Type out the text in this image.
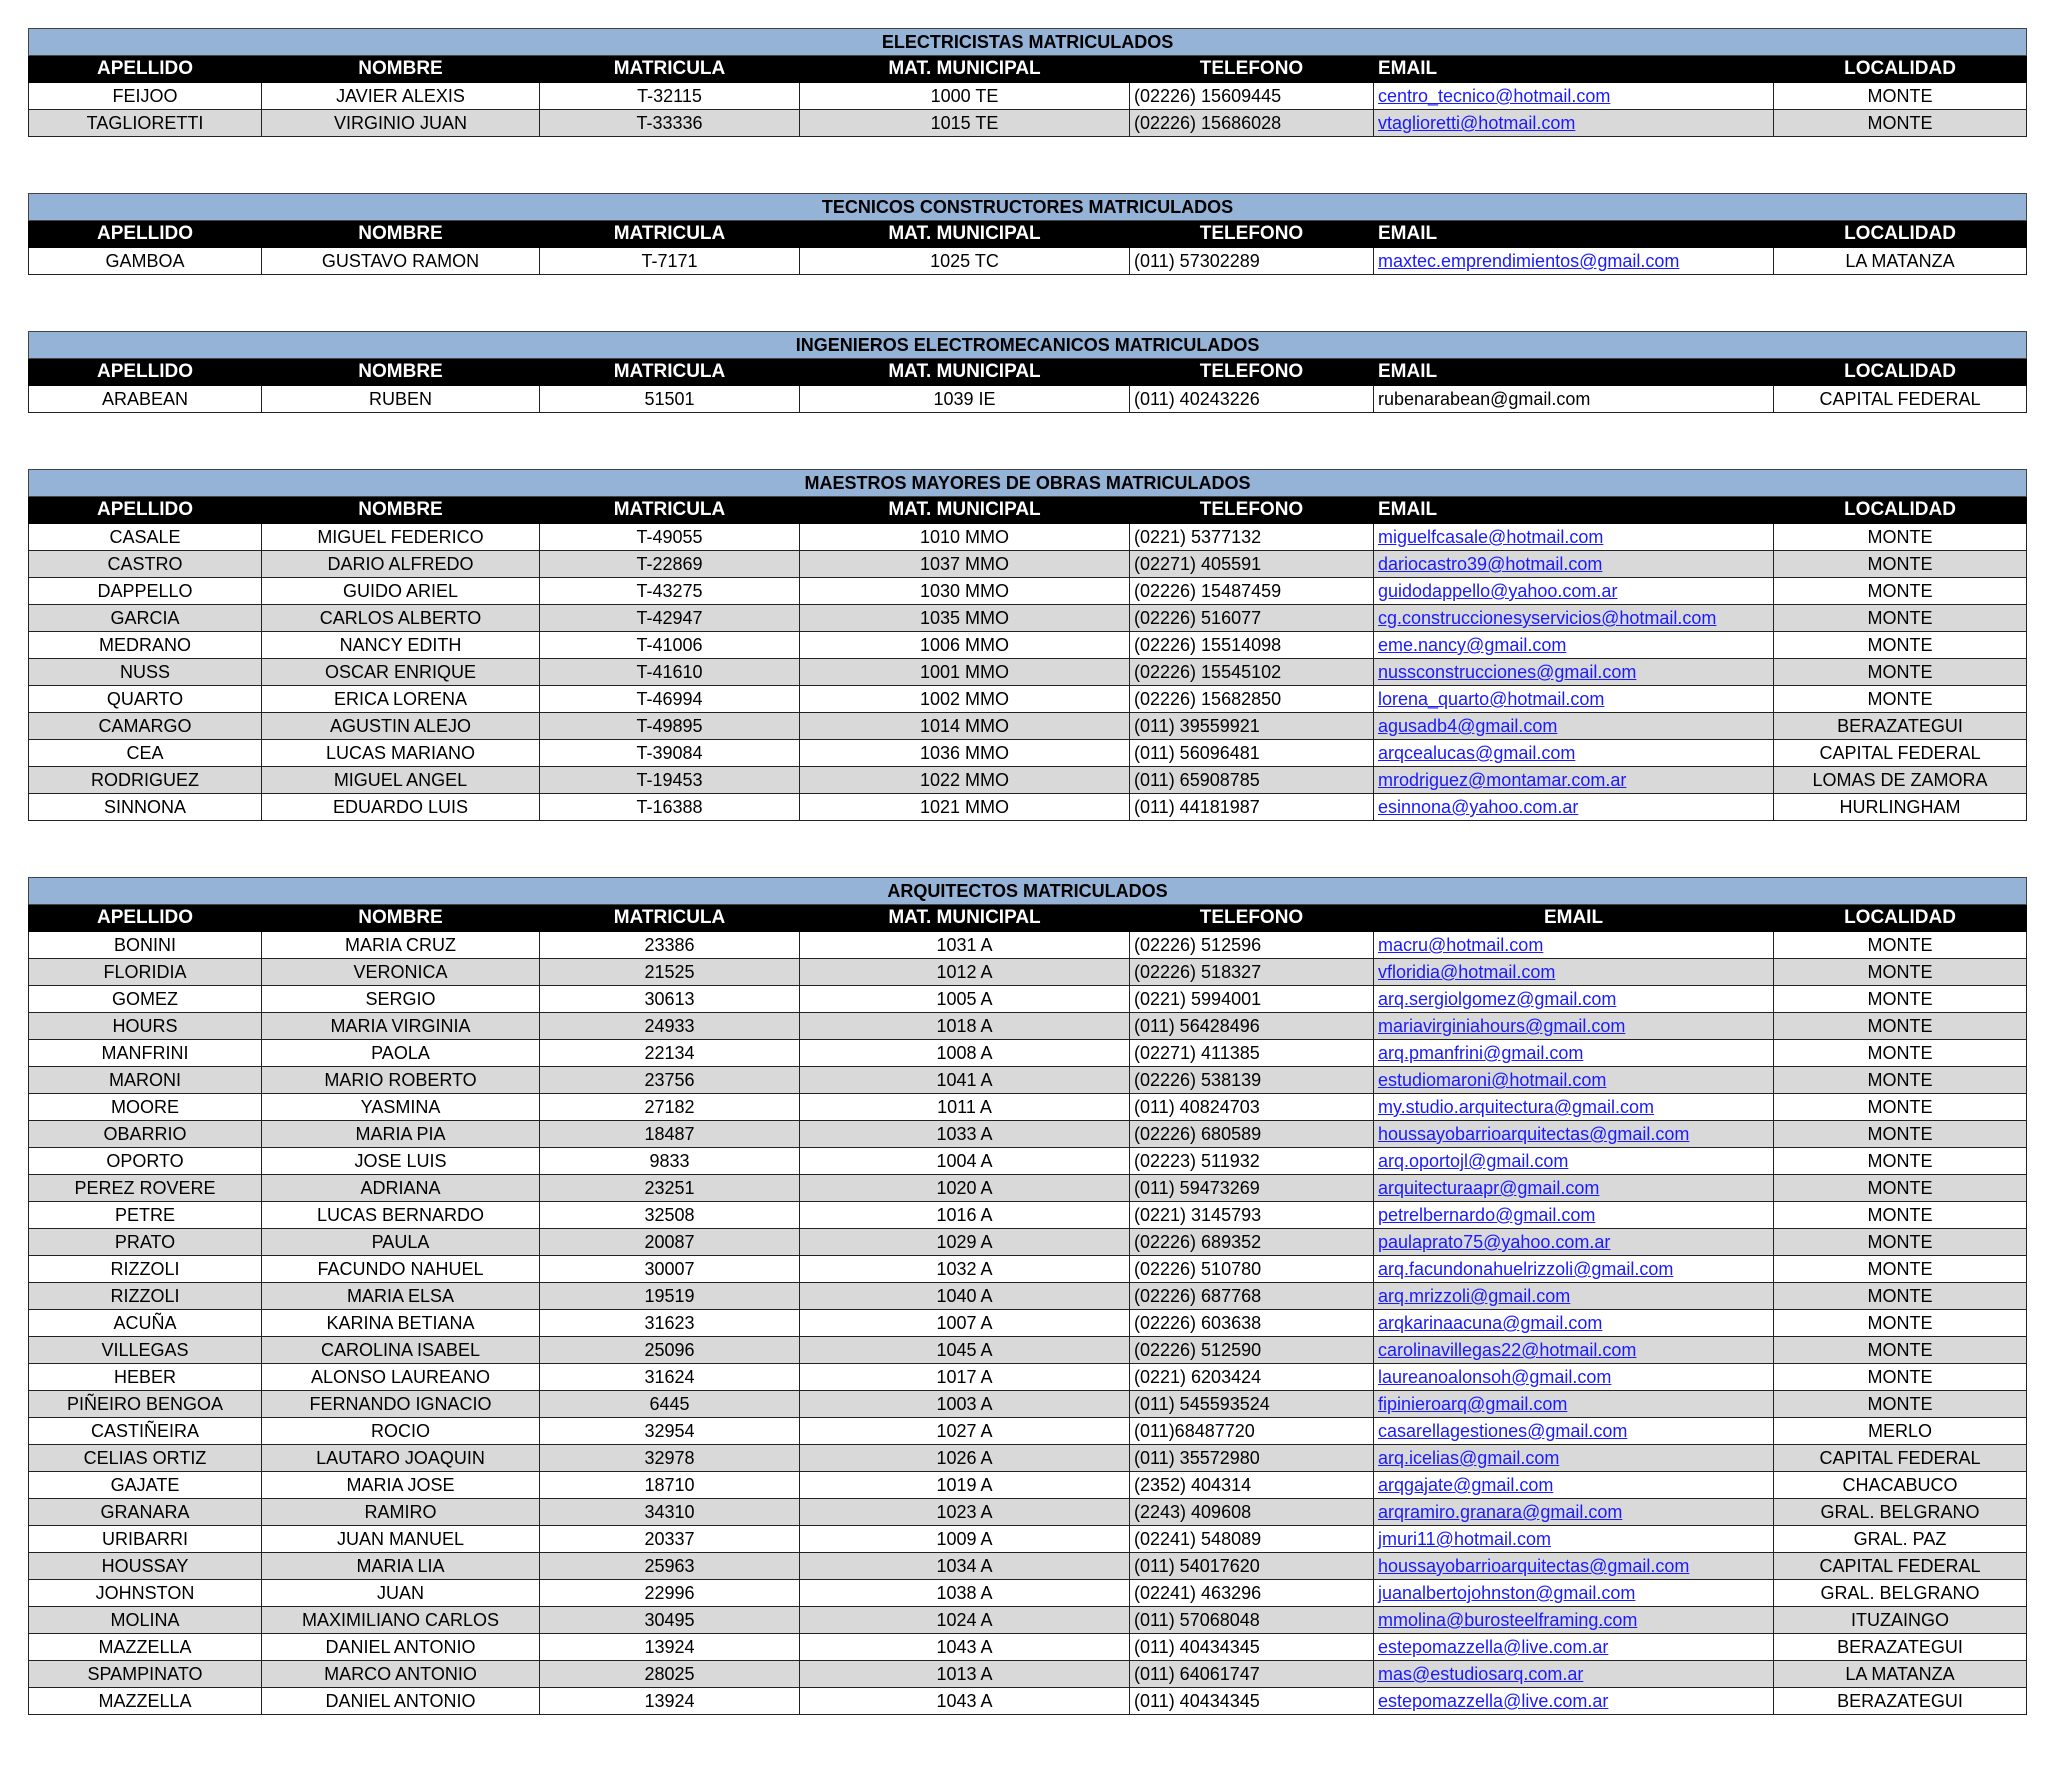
ELECTRICISTAS MATRICULADOS						
APELLIDO	NOMBRE	MATRICULA	MAT. MUNICIPAL	TELEFONO	EMAIL	LOCALIDAD
FEIJOO	JAVIER ALEXIS	T-32115	1000 TE	(02226) 15609445	centro_tecnico@hotmail.com	MONTE
TAGLIORETTI	VIRGINIO JUAN	T-33336	1015 TE	(02226) 15686028	vtaglioretti@hotmail.com	MONTE
TECNICOS CONSTRUCTORES MATRICULADOS						
APELLIDO	NOMBRE	MATRICULA	MAT. MUNICIPAL	TELEFONO	EMAIL	LOCALIDAD
GAMBOA	GUSTAVO RAMON	T-7171	1025 TC	(011) 57302289	maxtec.emprendimientos@gmail.com	LA MATANZA
INGENIEROS ELECTROMECANICOS MATRICULADOS						
APELLIDO	NOMBRE	MATRICULA	MAT. MUNICIPAL	TELEFONO	EMAIL	LOCALIDAD
ARABEAN	RUBEN	51501	1039 IE	(011) 40243226	rubenarabean@gmail.com	CAPITAL FEDERAL
MAESTROS MAYORES DE OBRAS MATRICULADOS						
APELLIDO	NOMBRE	MATRICULA	MAT. MUNICIPAL	TELEFONO	EMAIL	LOCALIDAD
CASALE	MIGUEL FEDERICO	T-49055	1010 MMO	(0221) 5377132	miguelfcasale@hotmail.com	MONTE
CASTRO	DARIO ALFREDO	T-22869	1037 MMO	(02271) 405591	dariocastro39@hotmail.com	MONTE
DAPPELLO	GUIDO ARIEL	T-43275	1030 MMO	(02226) 15487459	guidodappello@yahoo.com.ar	MONTE
GARCIA	CARLOS ALBERTO	T-42947	1035 MMO	(02226) 516077	cg.construccionesyservicios@hotmail.com	MONTE
MEDRANO	NANCY EDITH	T-41006	1006 MMO	(02226) 15514098	eme.nancy@gmail.com	MONTE
NUSS	OSCAR ENRIQUE	T-41610	1001 MMO	(02226) 15545102	nussconstrucciones@gmail.com	MONTE
QUARTO	ERICA LORENA	T-46994	1002 MMO	(02226) 15682850	lorena_quarto@hotmail.com	MONTE
CAMARGO	AGUSTIN ALEJO	T-49895	1014 MMO	(011) 39559921	agusadb4@gmail.com	BERAZATEGUI
CEA	LUCAS MARIANO	T-39084	1036 MMO	(011) 56096481	arqcealucas@gmail.com	CAPITAL FEDERAL
RODRIGUEZ	MIGUEL ANGEL	T-19453	1022 MMO	(011) 65908785	mrodriguez@montamar.com.ar	LOMAS DE ZAMORA
SINNONA	EDUARDO LUIS	T-16388	1021 MMO	(011) 44181987	esinnona@yahoo.com.ar	HURLINGHAM
ARQUITECTOS MATRICULADOS						
APELLIDO	NOMBRE	MATRICULA	MAT. MUNICIPAL	TELEFONO	EMAIL	LOCALIDAD
BONINI	MARIA CRUZ	23386	1031 A	(02226) 512596	macru@hotmail.com	MONTE
FLORIDIA	VERONICA	21525	1012 A	(02226) 518327	vfloridia@hotmail.com	MONTE
GOMEZ	SERGIO	30613	1005 A	(0221) 5994001	arq.sergiolgomez@gmail.com	MONTE
HOURS	MARIA VIRGINIA	24933	1018 A	(011) 56428496	mariavirginiahours@gmail.com	MONTE
MANFRINI	PAOLA	22134	1008 A	(02271) 411385	arq.pmanfrini@gmail.com	MONTE
MARONI	MARIO ROBERTO	23756	1041 A	(02226) 538139	estudiomaroni@hotmail.com	MONTE
MOORE	YASMINA	27182	1011 A	(011) 40824703	my.studio.arquitectura@gmail.com	MONTE
OBARRIO	MARIA PIA	18487	1033 A	(02226) 680589	houssayobarrioarquitectas@gmail.com	MONTE
OPORTO	JOSE LUIS	9833	1004 A	(02223) 511932	arq.oportojl@gmail.com	MONTE
PEREZ ROVERE	ADRIANA	23251	1020 A	(011) 59473269	arquitecturaapr@gmail.com	MONTE
PETRE	LUCAS BERNARDO	32508	1016 A	(0221) 3145793	petrelbernardo@gmail.com	MONTE
PRATO	PAULA	20087	1029 A	(02226) 689352	paulaprato75@yahoo.com.ar	MONTE
RIZZOLI	FACUNDO NAHUEL	30007	1032 A	(02226) 510780	arq.facundonahuelrizzoli@gmail.com	MONTE
RIZZOLI	MARIA ELSA	19519	1040 A	(02226) 687768	arq.mrizzoli@gmail.com	MONTE
ACUÑA	KARINA BETIANA	31623	1007 A	(02226) 603638	arqkarinaacuna@gmail.com	MONTE
VILLEGAS	CAROLINA ISABEL	25096	1045 A	(02226) 512590	carolinavillegas22@hotmail.com	MONTE
HEBER	ALONSO LAUREANO	31624	1017 A	(0221) 6203424	laureanoalonsoh@gmail.com	MONTE
PIÑEIRO BENGOA	FERNANDO IGNACIO	6445	1003 A	(011) 545593524	fipinieroarq@gmail.com	MONTE
CASTIÑEIRA	ROCIO	32954	1027 A	(011)68487720	casarellagestiones@gmail.com	MERLO
CELIAS ORTIZ	LAUTARO JOAQUIN	32978	1026 A	(011) 35572980	arq.icelias@gmail.com	CAPITAL FEDERAL
GAJATE	MARIA JOSE	18710	1019 A	(2352) 404314	arqgajate@gmail.com	CHACABUCO
GRANARA	RAMIRO	34310	1023 A	(2243) 409608	arqramiro.granara@gmail.com	GRAL. BELGRANO
URIBARRI	JUAN MANUEL	20337	1009 A	(02241) 548089	jmuri11@hotmail.com	GRAL. PAZ
HOUSSAY	MARIA LIA	25963	1034 A	(011) 54017620	houssayobarrioarquitectas@gmail.com	CAPITAL FEDERAL
JOHNSTON	JUAN	22996	1038 A	(02241) 463296	juanalbertojohnston@gmail.com	GRAL. BELGRANO
MOLINA	MAXIMILIANO CARLOS	30495	1024 A	(011) 57068048	mmolina@burosteelframing.com	ITUZAINGO
MAZZELLA	DANIEL ANTONIO	13924	1043 A	(011) 40434345	estepomazzella@live.com.ar	BERAZATEGUI
SPAMPINATO	MARCO ANTONIO	28025	1013 A	(011) 64061747	mas@estudiosarq.com.ar	LA MATANZA
MAZZELLA	DANIEL ANTONIO	13924	1043 A	(011) 40434345	estepomazzella@live.com.ar	BERAZATEGUI
